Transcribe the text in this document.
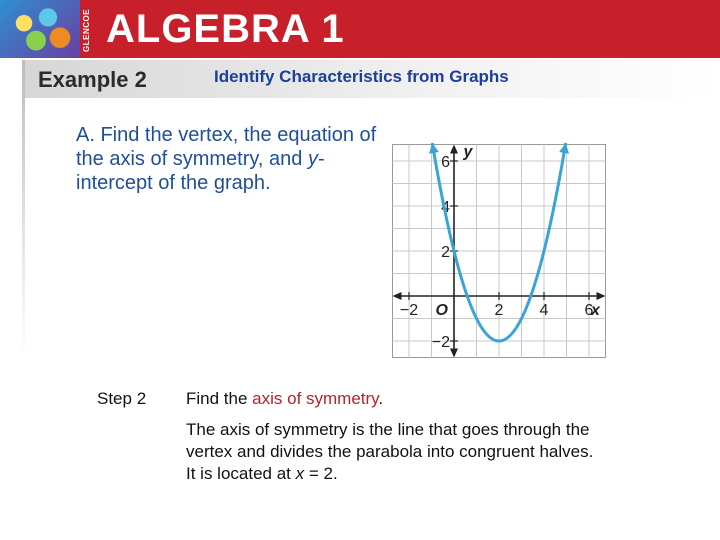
GLENCOE ALGEBRA 1
Example 2	Identify Characteristics from Graphs
A. Find the vertex, the equation of the axis of symmetry, and y-intercept of the graph.
−2	2 4 6
6
4
2
−2
O	x
y
Step 2 Find the axis of symmetry.
The axis of symmetry is the line that goes through the vertex and divides the parabola into congruent halves. It is located at x = 2.
